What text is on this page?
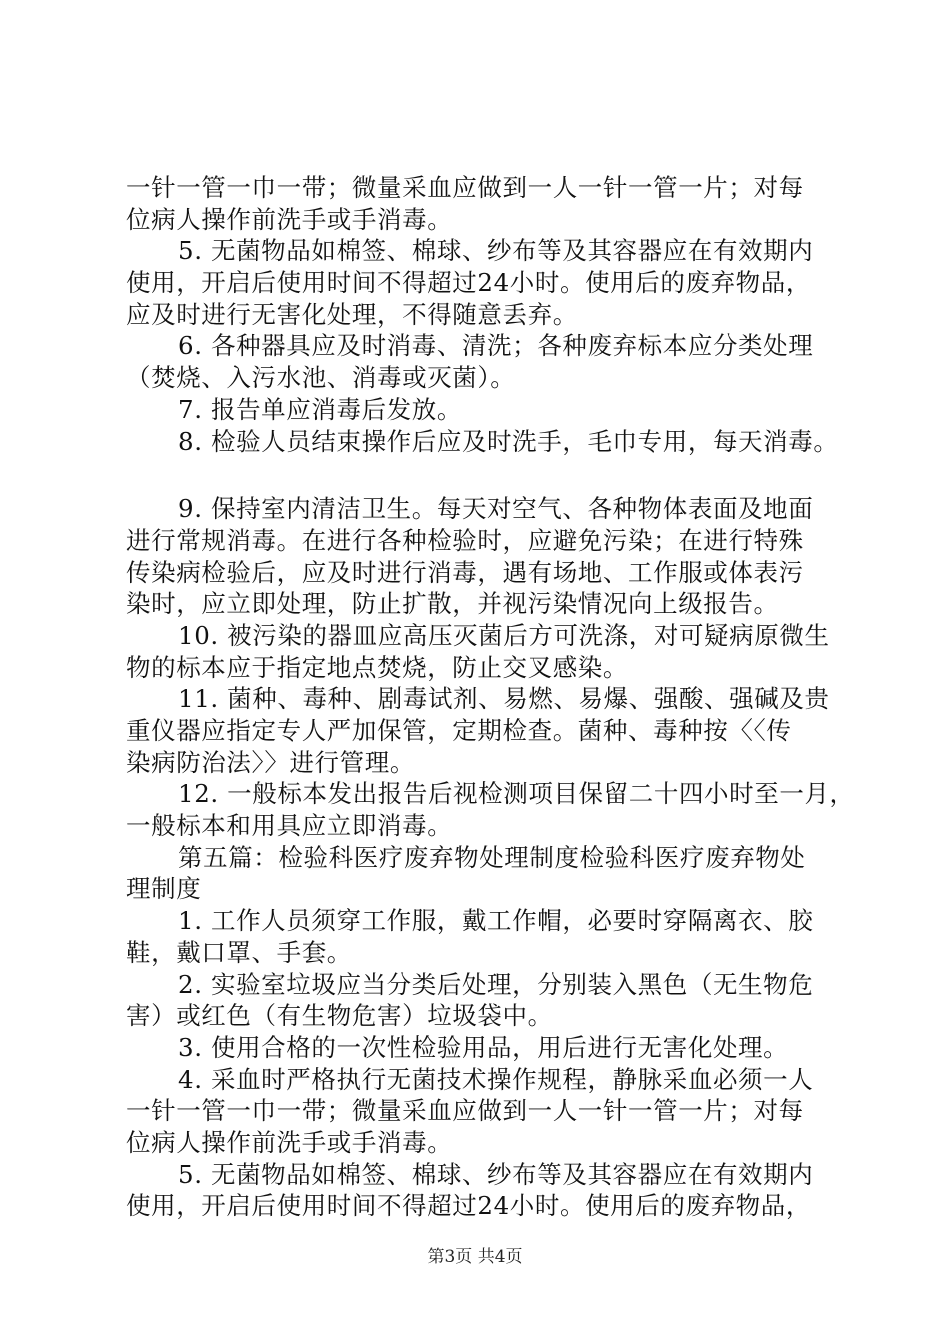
一针一管一巾一带；微量采血应做到一人一针一管一片；对每
位病人操作前洗手或手消毒。
5. 无菌物品如棉签、棉球、纱布等及其容器应在有效期内
使用，开启后使用时间不得超过24小时。使用后的废弃物品，
应及时进行无害化处理，不得随意丢弃。
6. 各种器具应及时消毒、清洗；各种废弃标本应分类处理
（焚烧、入污水池、消毒或灭菌）。
7. 报告单应消毒后发放。
8. 检验人员结束操作后应及时洗手，毛巾专用，每天消毒。
9. 保持室内清洁卫生。每天对空气、各种物体表面及地面
进行常规消毒。在进行各种检验时，应避免污染；在进行特殊
传染病检验后，应及时进行消毒，遇有场地、工作服或体表污
染时，应立即处理，防止扩散，并视污染情况向上级报告。
10. 被污染的器皿应高压灭菌后方可洗涤，对可疑病原微生
物的标本应于指定地点焚烧，防止交叉感染。
11. 菌种、毒种、剧毒试剂、易燃、易爆、强酸、强碱及贵
重仪器应指定专人严加保管，定期检查。菌种、毒种按〈〈传
染病防治法〉〉进行管理。
12. 一般标本发出报告后视检测项目保留二十四小时至一月，
一般标本和用具应立即消毒。
第五篇：检验科医疗废弃物处理制度检验科医疗废弃物处
理制度
1. 工作人员须穿工作服，戴工作帽，必要时穿隔离衣、胶
鞋，戴口罩、手套。
2. 实验室垃圾应当分类后处理，分别装入黑色（无生物危
害）或红色（有生物危害）垃圾袋中。
3. 使用合格的一次性检验用品，用后进行无害化处理。
4. 采血时严格执行无菌技术操作规程，静脉采血必须一人
一针一管一巾一带；微量采血应做到一人一针一管一片；对每
位病人操作前洗手或手消毒。
5. 无菌物品如棉签、棉球、纱布等及其容器应在有效期内
使用，开启后使用时间不得超过24小时。使用后的废弃物品，
第3页 共4页
